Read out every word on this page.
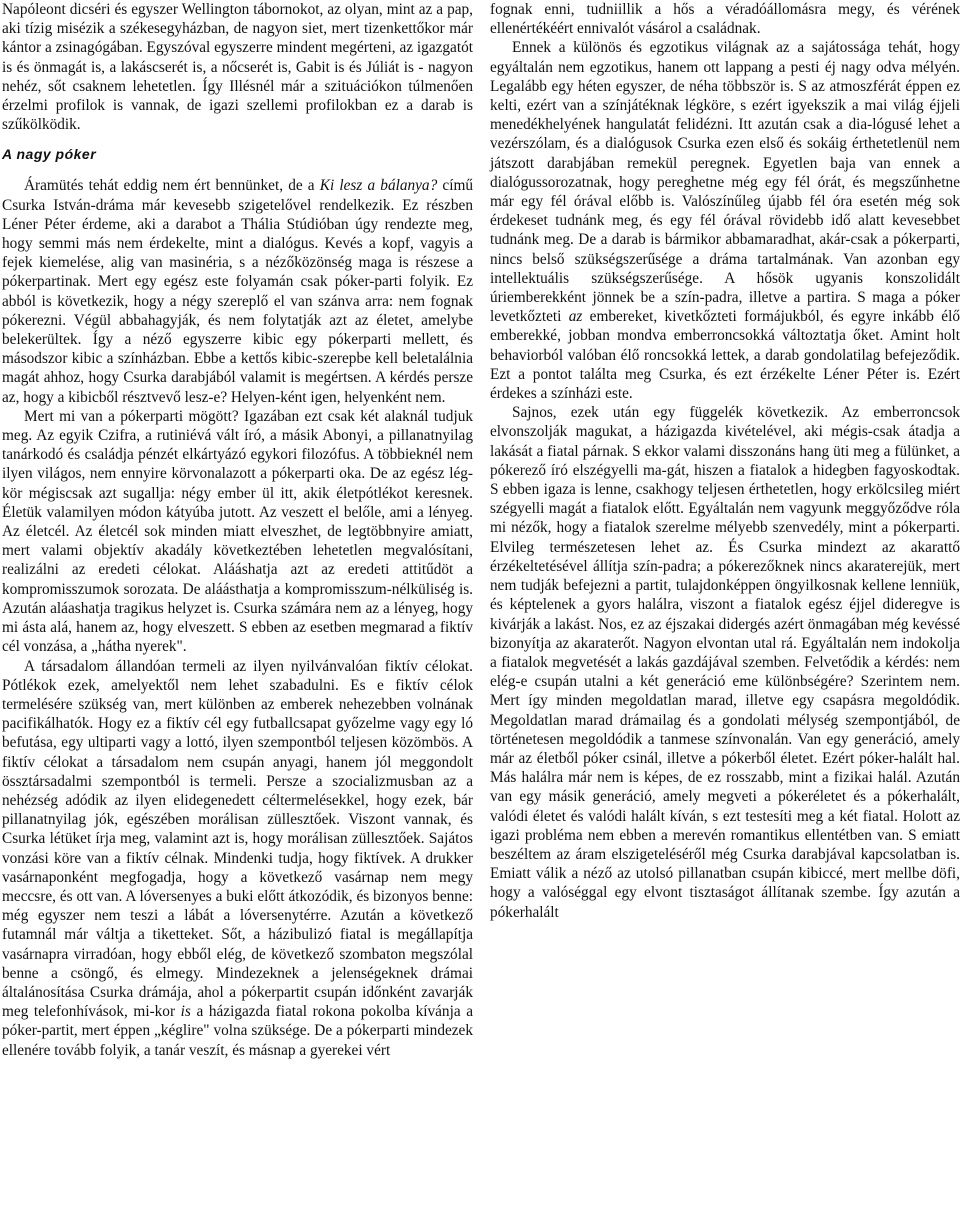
Napóleont dicséri és egyszer Wellington tábornokot, az olyan, mint az a pap, aki tízig misézik a székesegyházban, de nagyon siet, mert tizenkettőkor már kántor a zsinagógában. Egyszóval egyszerre mindent megérteni, az igazgatót is és önmagát is, a lakáscserét is, a nőcserét is, Gabit is és Júliát is - nagyon nehéz, sőt csaknem lehetetlen. Így Illésnél már a szituációkon túlmenően érzelmi profilok is vannak, de igazi szellemi profilokban ez a darab is szűkölködik.

A nagy póker

Áramütés tehát eddig nem ért bennünket, de a Ki lesz a bálanya? című Csurka István-dráma már kevesebb szigetelővel rendelkezik. Ez részben Léner Péter érdeme, aki a darabot a Thália Stúdióban úgy rendezte meg, hogy semmi más nem érdekelte, mint a dialógus. Kevés a kopf, vagyis a fejek kiemelése, alig van masinéria, s a nézőközönség maga is részese a pókerpartinak. Mert egy egész este folyamán csak póker-parti folyik. Ez abból is következik, hogy a négy szereplő el van szánva arra: nem fognak pókerezni. Végül abbahagyják, és nem folytatják azt az életet, amelybe belekerültek. Így a néző egyszerre kibic egy pókerparti mellett, és másodszor kibic a színházban. Ebbe a kettős kibic-szerepbe kell beletalálnia magát ahhoz, hogy Csurka darabjából valamit is megértsen. A kérdés persze az, hogy a kibicből résztvevő lesz-e? Helyen-ként igen, helyenként nem.

Mert mi van a pókerparti mögött? Igazában ezt csak két alaknál tudjuk meg. Az egyik Czifra, a rutiniévá vált író, a másik Abonyi, a pillanatnyilag tanárkodó és családja pénzét elkártyázó egykori filozófus. A többieknél nem ilyen világos, nem ennyire körvonalazott a pókerparti oka. De az egész lég-kör mégiscsak azt sugallja: négy ember ül itt, akik életpótlékot keresnek. Életük valamilyen módon kátyúba jutott. Az veszett el belőle, ami a lényeg. Az életcél. Az életcél sok minden miatt elveszhet, de legtöbbnyire amiatt, mert valami objektív akadály következtében lehetetlen megvalósítani, realizálni az eredeti célokat. Alááshatja azt az eredeti attitűdöt a kompromisszumok sorozata. De aláásthatja a kompromisszum-nélküliség is. Azután aláashatja tragikus helyzet is. Csurka számára nem az a lényeg, hogy mi ásta alá, hanem az, hogy elveszett. S ebben az esetben megmarad a fiktív cél vonzása, a „hátha nyerek".

A társadalom állandóan termeli az ilyen nyilvánvalóan fiktív célokat. Pótlékok ezek, amelyektől nem lehet szabadulni. Es e fiktív célok termelésére szükség van, mert különben az emberek nehezebben volnának pacifikálhatók. Hogy ez a fiktív cél egy futballcsapat győzelme vagy egy ló befutása, egy ultiparti vagy a lottó, ilyen szempontból teljesen közömbös. A fiktív célokat a társadalom nem csupán anyagi, hanem jól meggondolt össztársadalmi szempontból is termeli. Persze a szocializmusban az a nehézség adódik az ilyen elidegenedett céltermelésekkel, hogy ezek, bár pillanatnyilag jók, egészében morálisan züllesztőek. Viszont vannak, és Csurka létüket írja meg, valamint azt is, hogy morálisan züllesztőek. Sajátos vonzási köre van a fiktív célnak. Mindenki tudja, hogy fiktívek. A drukker vasárnaponként megfogadja, hogy a következő vasárnap nem megy meccsre, és ott van. A lóversenyes a buki előtt átkozódik, és bizonyos benne: még egyszer nem teszi a lábát a lóversenytérre. Azután a következő futamnál már váltja a tiketteket. Sőt, a házibulizó fiatal is megállapítja vasárnapra virradóan, hogy ebből elég, de következő szombaton megszólal benne a csöngő, és elmegy. Mindezeknek a jelenségeknek drámai általánosítása Csurka drámája, ahol a pókerpartit csupán időnként zavarják meg telefonhívások, mi-kor is a házigazda fiatal rokona pokolba kívánja a póker-partit, mert éppen „kéglire" volna szüksége. De a pókerparti mindezek ellenére tovább folyik, a tanár veszít, és másnap a gyerekei vért

fognak enni, tudniillik a hős a véradóállomásra megy, és vérének ellenértékéért ennivalót vásárol a családnak.

Ennek a különös és egzotikus világnak az a sajátossága tehát, hogy egyáltalán nem egzotikus, hanem ott lappang a pesti éj nagy odva mélyén. Legalább egy héten egyszer, de néha többször is. S az atmoszférát éppen ez kelti, ezért van a színjátéknak légköre, s ezért igyekszik a mai világ éjjeli menedékhelyének hangulatát felidézni. Itt azután csak a dia-lógusé lehet a vezérszólam, és a dialógusok Csurka ezen első és sokáig érthetetlenül nem játszott darabjában remekül peregnek. Egyetlen baja van ennek a dialógussorozatnak, hogy pereghetne még egy fél órát, és megszűnhetne már egy fél órával előbb is. Valószínűleg újabb fél óra esetén még sok érdekeset tudnánk meg, és egy fél órával rövidebb idő alatt kevesebbet tudnánk meg. De a darab is bármikor abbamaradhat, akár-csak a pókerparti, nincs belső szükségszerűsége a dráma tartalmának. Van azonban egy intellektuális szükségszerűsége. A hősök ugyanis konszolidált úriemberekként jönnek be a szín-padra, illetve a partira. S maga a póker levetkőzteti az embereket, kivetkőzteti formájukból, és egyre inkább élő emberekké, jobban mondva emberroncsokká változtatja őket. Amint holt behaviorból valóban élő roncsokká lettek, a darab gondolatilag befejeződik. Ezt a pontot találta meg Csurka, és ezt érzékelte Léner Péter is. Ezért érdekes a színházi este.

Sajnos, ezek után egy függelék következik. Az emberroncsok elvonszolják magukat, a házigazda kivételével, aki mégis-csak átadja a lakását a fiatal párnak. S ekkor valami disszonáns hang üti meg a fülünket, a pókerező író elszégyelli ma-gát, hiszen a fiatalok a hidegben fagyoskodtak. S ebben igaza is lenne, csakhogy teljesen érthetetlen, hogy erkölcsileg miért szégyelli magát a fiatalok előtt. Egyáltalán nem vagyunk meggyőződve róla mi nézők, hogy a fiatalok szerelme mélyebb szenvedély, mint a pókerparti. Elvileg természetesen lehet az. És Csurka mindezt az akarattő érzékeltetésével állítja szín-padra; a pókerezőknek nincs akaraterejük, mert nem tudják befejezni a partit, tulajdonképpen öngyilkosnak kellene lenniük, és képtelenek a gyors halálra, viszont a fiatalok egész éjjel dideregve is kivárják a lakást. Nos, ez az éjszakai didergés azért önmagában még kevéssé bizonyítja az akaraterőt. Nagyon elvontan utal rá. Egyáltalán nem indokolja a fiatalok megvetését a lakás gazdájával szemben. Felvetődik a kérdés: nem elég-e csupán utalni a két generáció eme különbségére? Szerintem nem. Mert így minden megoldatlan marad, illetve egy csapásra megoldódik. Megoldatlan marad drámailag és a gondolati mélység szempontjából, de történetesen megoldódik a tanmese színvonalán. Van egy generáció, amely már az életből póker csinál, illetve a pókerből életet. Ezért póker-halált hal. Más halálra már nem is képes, de ez rosszabb, mint a fizikai halál. Azután van egy másik generáció, amely megveti a pókeréletet és a pókerhalált, valódi életet és valódi halált kíván, s ezt testesíti meg a két fiatal. Holott az igazi probléma nem ebben a merevén romantikus ellentétben van. S emiatt beszéltem az áram elszigeteléséről még Csurka darabjával kapcsolatban is. Emiatt válik a néző az utolsó pillanatban csupán kibiccé, mert mellbe döfi, hogy a valóséggal egy elvont tisztaságot állítanak szembe. Így azután a pókerhalált
